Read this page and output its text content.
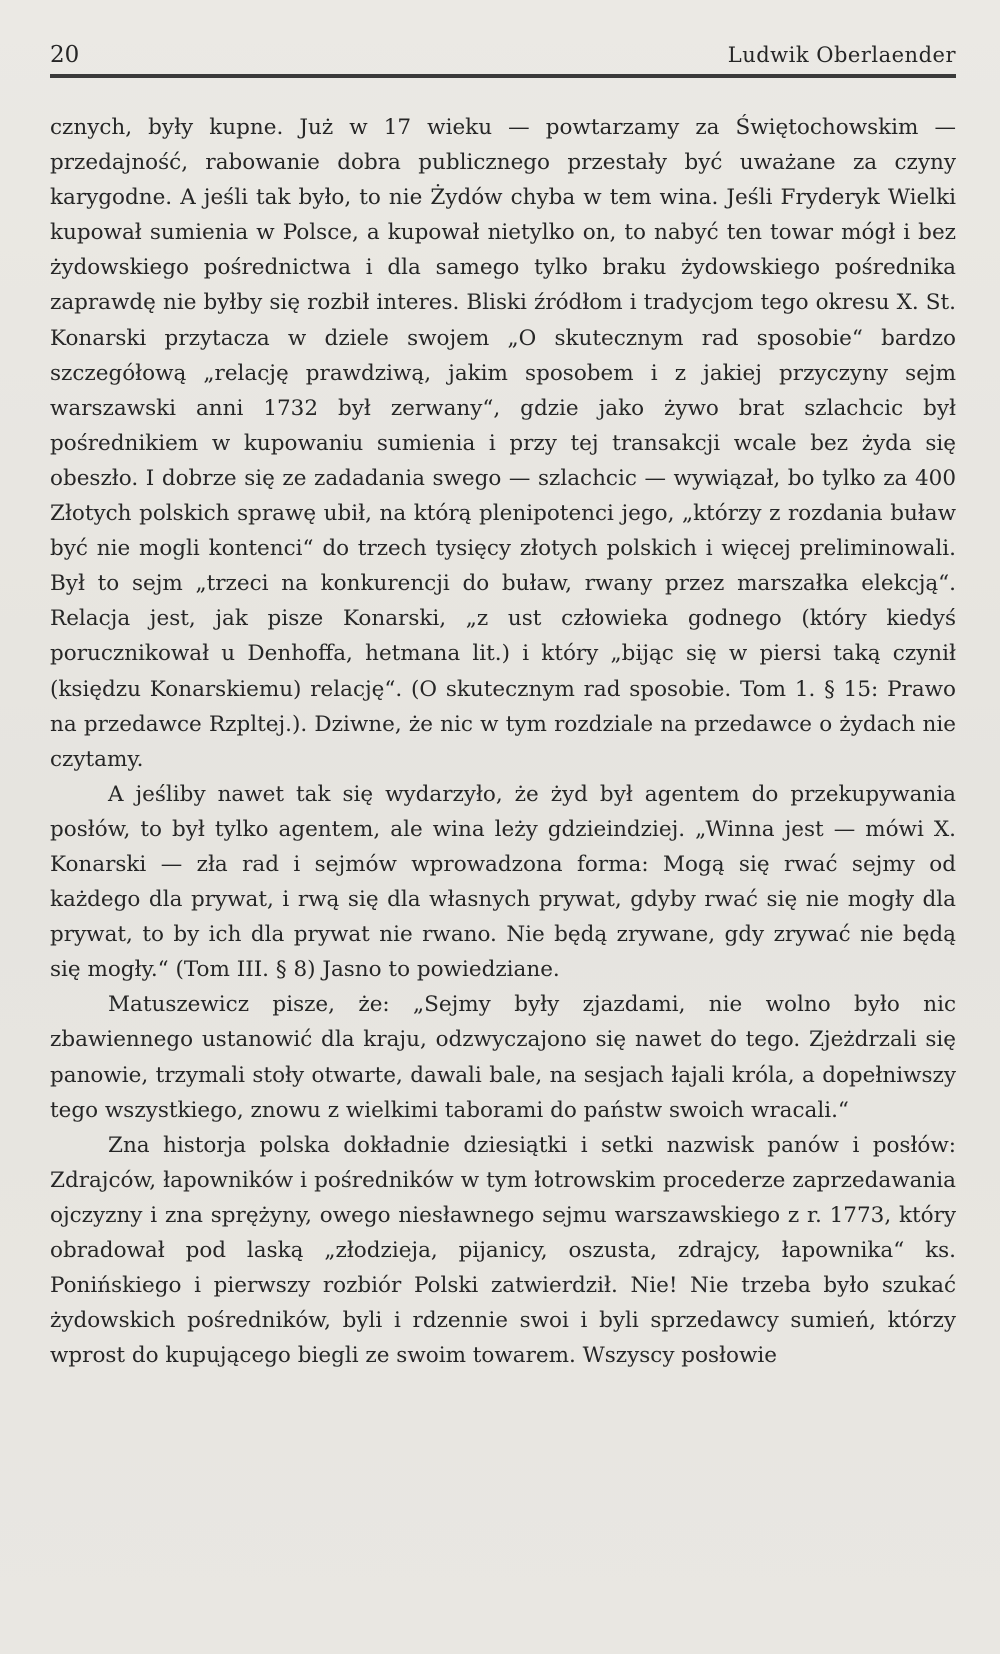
20	Ludwik Oberlaender

cznych, były kupne. Już w 17 wieku — powtarzamy za Świętochowskim — przedajność, rabowanie dobra publicznego przestały być uważane za czyny karygodne. A jeśli tak było, to nie Żydów chyba w tem wina. Jeśli Fryderyk Wielki kupował sumienia w Polsce, a kupował nietylko on, to nabyć ten towar mógł i bez żydowskiego pośrednictwa i dla samego tylko braku żydowskiego pośrednika zaprawdę nie byłby się rozbił interes. Bliski źródłom i tradycjom tego okresu X. St. Konarski przytacza w dziele swojem „O skutecznym rad sposobie“ bardzo szczegółową „relację prawdziwą, jakim sposobem i z jakiej przyczyny sejm warszawski anni 1732 był zerwany“, gdzie jako żywo brat szlachcic był pośrednikiem w kupowaniu sumienia i przy tej transakcji wcale bez żyda się obeszło. I dobrze się ze zadadania swego — szlachcic — wywiązał, bo tylko za 400 Złotych polskich sprawę ubił, na którą plenipotenci jego, „którzy z rozdania buław być nie mogli kontenci“ do trzech tysięcy złotych polskich i więcej preliminowali. Był to sejm „trzeci na konkurencji do buław, rwany przez marszałka elekcją“. Relacja jest, jak pisze Konarski, „z ust człowieka godnego (który kiedyś porucznikował u Denhoffa, hetmana lit.) i który „bijąc się w piersi taką czynił (księdzu Konarskiemu) relację“. (O skutecznym rad sposobie. Tom 1. § 15: Prawo na przedawce Rzpltej.). Dziwne, że nic w tym rozdziale na przedawce o żydach nie czytamy.

A jeśliby nawet tak się wydarzyło, że żyd był agentem do przekupywania posłów, to był tylko agentem, ale wina leży gdzieindziej. „Winna jest — mówi X. Konarski — zła rad i sejmów wprowadzona forma: Mogą się rwać sejmy od każdego dla prywat, i rwą się dla własnych prywat, gdyby rwać się nie mogły dla prywat, to by ich dla prywat nie rwano. Nie będą zrywane, gdy zrywać nie będą się mogły.“ (Tom III. § 8) Jasno to powiedziane.

Matuszewicz pisze, że: „Sejmy były zjazdami, nie wolno było nic zbawiennego ustanowić dla kraju, odzwyczajono się nawet do tego. Zjeżdrzali się panowie, trzymali stoły otwarte, dawali bale, na sesjach łajali króla, a dopełniwszy tego wszystkiego, znowu z wielkimi taborami do państw swoich wracali.“

Zna historja polska dokładnie dziesiątki i setki nazwisk panów i posłów: Zdrajców, łapowników i pośredników w tym łotrowskim procederze zaprzedawania ojczyzny i zna sprężyny, owego niesławnego sejmu warszawskiego z r. 1773, który obradował pod laską „złodzieja, pijanicy, oszusta, zdrajcy, łapownika“ ks. Ponińskiego i pierwszy rozbiór Polski zatwierdził. Nie! Nie trzeba było szukać żydowskich pośredników, byli i rdzennie swoi i byli sprzedawcy sumień, którzy wprost do kupującego biegli ze swoim towarem. Wszyscy posłowie
